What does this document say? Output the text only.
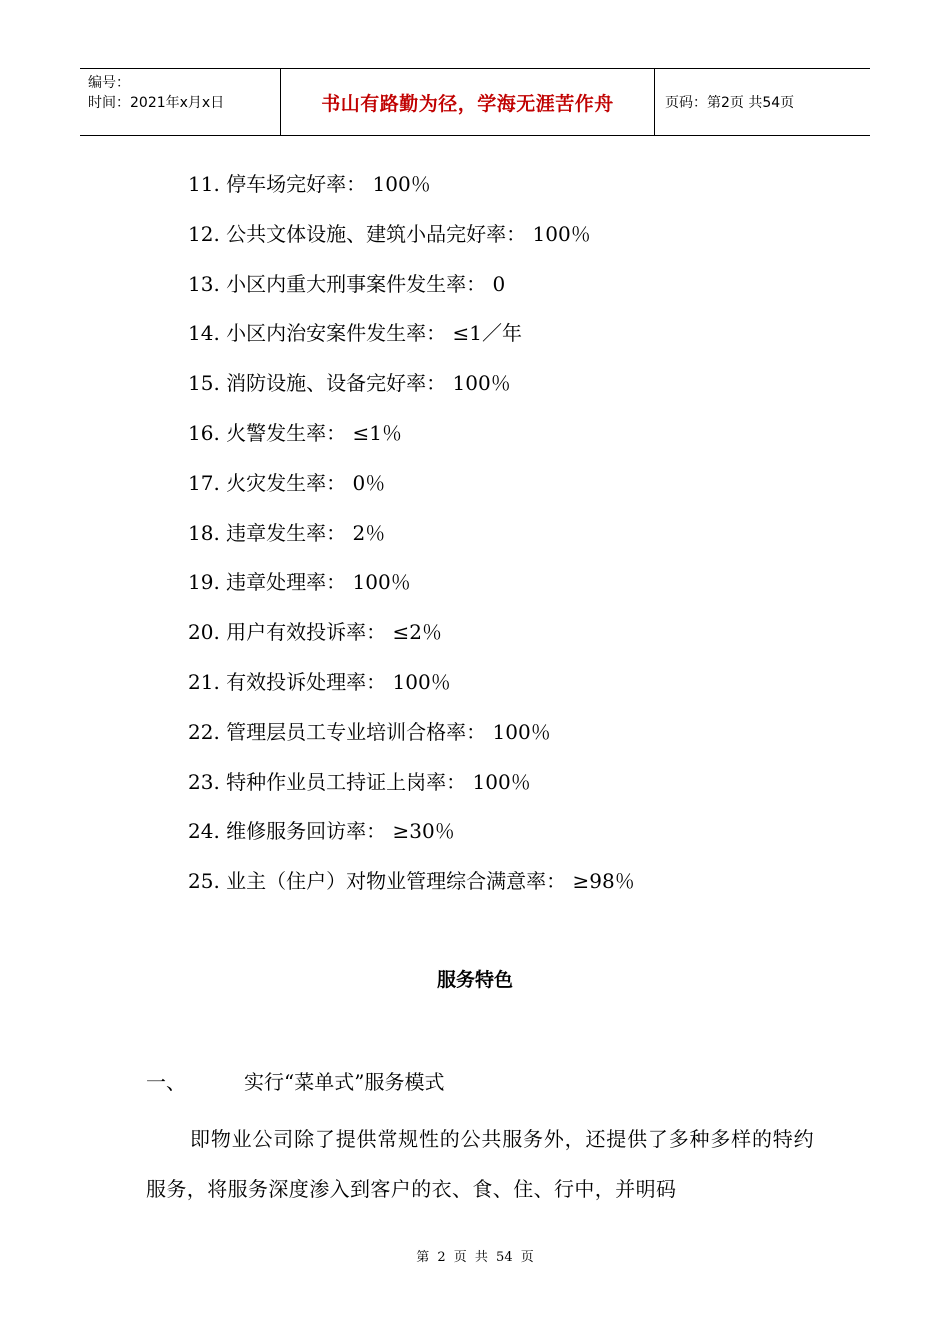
编号：
时间：2021年x月x日	书山有路勤为径，学海无涯苦作舟	页码：第2页 共54页
11. 停车场完好率： 100％
12. 公共文体设施、建筑小品完好率： 100％
13. 小区内重大刑事案件发生率： 0
14. 小区内治安案件发生率： ≤1／年
15. 消防设施、设备完好率： 100％
16. 火警发生率： ≤1％
17. 火灾发生率： 0％
18. 违章发生率： 2％
19. 违章处理率： 100％
20. 用户有效投诉率： ≤2％
21. 有效投诉处理率： 100％
22. 管理层员工专业培训合格率： 100％
23. 特种作业员工持证上岗率： 100％
24. 维修服务回访率： ≥30％
25. 业主（住户）对物业管理综合满意率： ≥98％
服务特色
一、	实行“菜单式”服务模式

即物业公司除了提供常规性的公共服务外，还提供了多种多样的特约服务，将服务深度渗入到客户的衣、食、住、行中，并明码

第 2 页 共 54 页
